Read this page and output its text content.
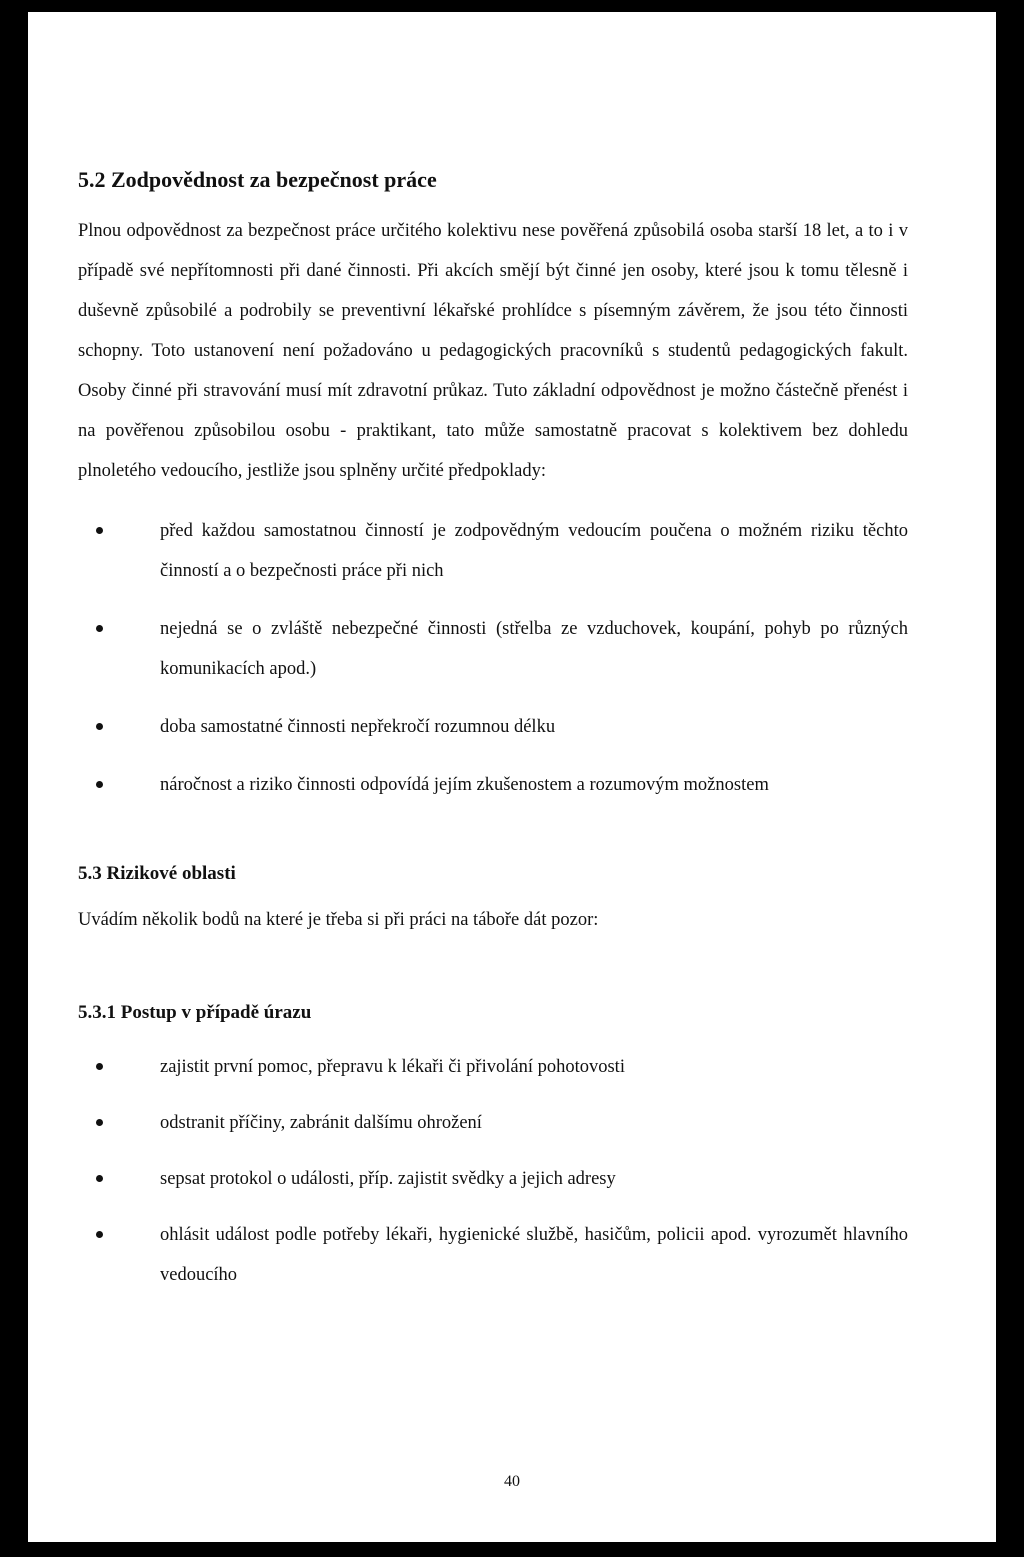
5.2 Zodpovědnost za bezpečnost práce

Plnou odpovědnost za bezpečnost práce určitého kolektivu nese pověřená způsobilá osoba starší 18 let, a to i v případě své nepřítomnosti při dané činnosti. Při akcích smějí být činné jen osoby, které jsou k tomu tělesně i duševně způsobilé a podrobily se preventivní lékařské prohlídce s písemným závěrem, že jsou této činnosti schopny. Toto ustanovení není požadováno u pedagogických pracovníků s studentů pedagogických fakult. Osoby činné při stravování musí mít zdravotní průkaz. Tuto základní odpovědnost je možno částečně přenést i na pověřenou způsobilou osobu - praktikant, tato může samostatně pracovat s kolektivem bez dohledu plnoletého vedoucího, jestliže jsou splněny určité předpoklady:

před každou samostatnou činností je zodpovědným vedoucím poučena o možném riziku těchto činností a o bezpečnosti práce při nich
nejedná se o zvláště nebezpečné činnosti (střelba ze vzduchovek, koupání, pohyb po různých komunikacích apod.)
doba samostatné činnosti nepřekročí rozumnou délku
náročnost a riziko činnosti odpovídá jejím zkušenostem a rozumovým možnostem
5.3 Rizikové oblasti

Uvádím několik bodů na které je třeba si při práci na táboře dát pozor:

5.3.1 Postup v případě úrazu
zajistit první pomoc, přepravu k lékaři či přivolání pohotovosti
odstranit příčiny, zabránit dalšímu ohrožení
sepsat protokol o události, příp. zajistit svědky a jejich adresy
ohlásit událost podle potřeby lékaři, hygienické službě, hasičům, policii apod. vyrozumět hlavního vedoucího
40
